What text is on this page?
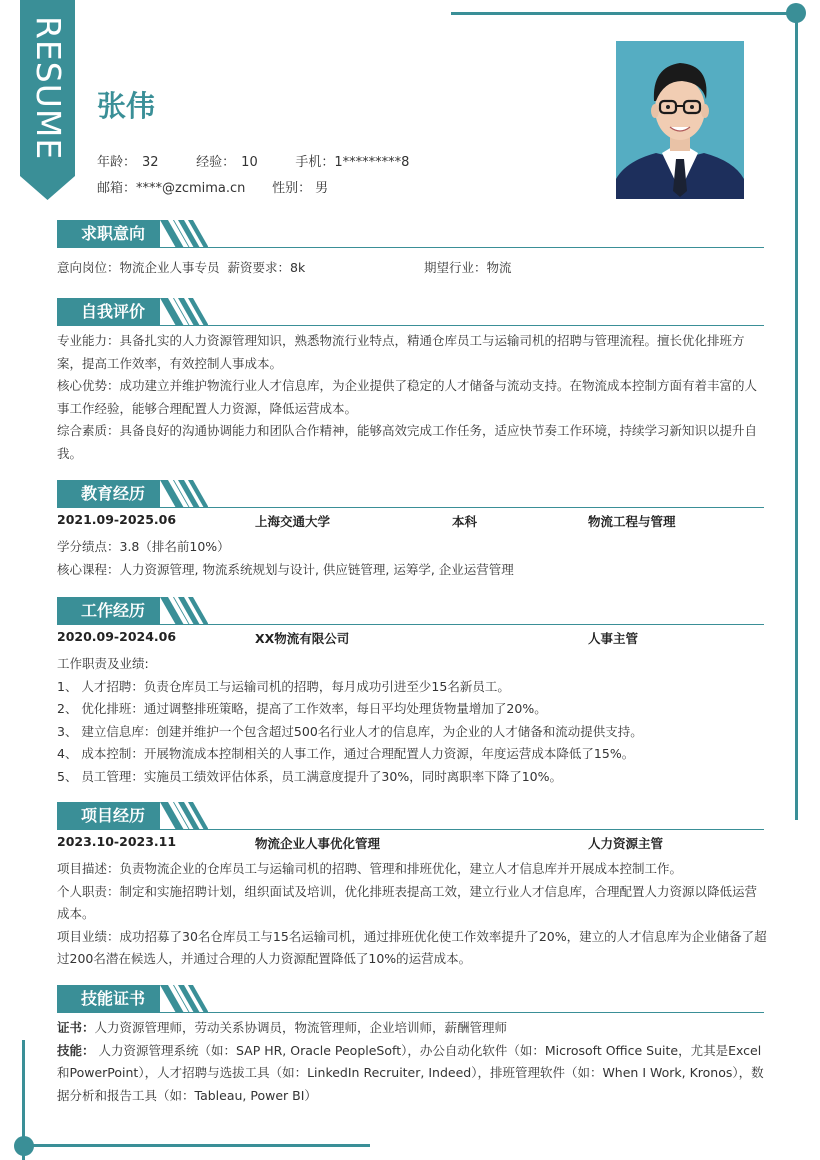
RESUME 张伟
年龄： 32	经验： 10	手机：1*********8
邮箱：****@zcmima.cn 性别： 男
求职意向
意向岗位：物流企业人事专员 薪资要求：8k	期望行业：物流
自我评价
专业能力：具备扎实的人力资源管理知识，熟悉物流行业特点，精通仓库员工与运输司机的招聘与管理流程。擅长优化排班方案，提高工作效率，有效控制人事成本。
核心优势：成功建立并维护物流行业人才信息库，为企业提供了稳定的人才储备与流动支持。在物流成本控制方面有着丰富的人事工作经验，能够合理配置人力资源，降低运营成本。
综合素质：具备良好的沟通协调能力和团队合作精神，能够高效完成工作任务，适应快节奏工作环境，持续学习新知识以提升自我。
教育经历
2021.09-2025.06	上海交通大学	本科	物流工程与管理
学分绩点：3.8（排名前10%）
核心课程：人力资源管理, 物流系统规划与设计, 供应链管理, 运筹学, 企业运营管理
工作经历
2020.09-2024.06	XX物流有限公司	人事主管
工作职责及业绩:
1、 人才招聘：负责仓库员工与运输司机的招聘，每月成功引进至少15名新员工。
2、 优化排班：通过调整排班策略，提高了工作效率，每日平均处理货物量增加了20%。
3、 建立信息库：创建并维护一个包含超过500名行业人才的信息库，为企业的人才储备和流动提供支持。
4、 成本控制：开展物流成本控制相关的人事工作，通过合理配置人力资源，年度运营成本降低了15%。
5、 员工管理：实施员工绩效评估体系，员工满意度提升了30%，同时离职率下降了10%。
项目经历
2023.10-2023.11	物流企业人事优化管理	人力资源主管
项目描述：负责物流企业的仓库员工与运输司机的招聘、管理和排班优化，建立人才信息库并开展成本控制工作。
个人职责：制定和实施招聘计划，组织面试及培训，优化排班表提高工效，建立行业人才信息库，合理配置人力资源以降低运营成本。
项目业绩：成功招募了30名仓库员工与15名运输司机，通过排班优化使工作效率提升了20%，建立的人才信息库为企业储备了超过200名潜在候选人，并通过合理的人力资源配置降低了10%的运营成本。
技能证书
证书：人力资源管理师，劳动关系协调员，物流管理师，企业培训师，薪酬管理师
技能： 人力资源管理系统（如：SAP HR, Oracle PeopleSoft），办公自动化软件（如：Microsoft Office Suite，尤其是Excel和PowerPoint），人才招聘与选拔工具（如：LinkedIn Recruiter, Indeed），排班管理软件（如：When I Work, Kronos），数据分析和报告工具（如：Tableau, Power BI）
